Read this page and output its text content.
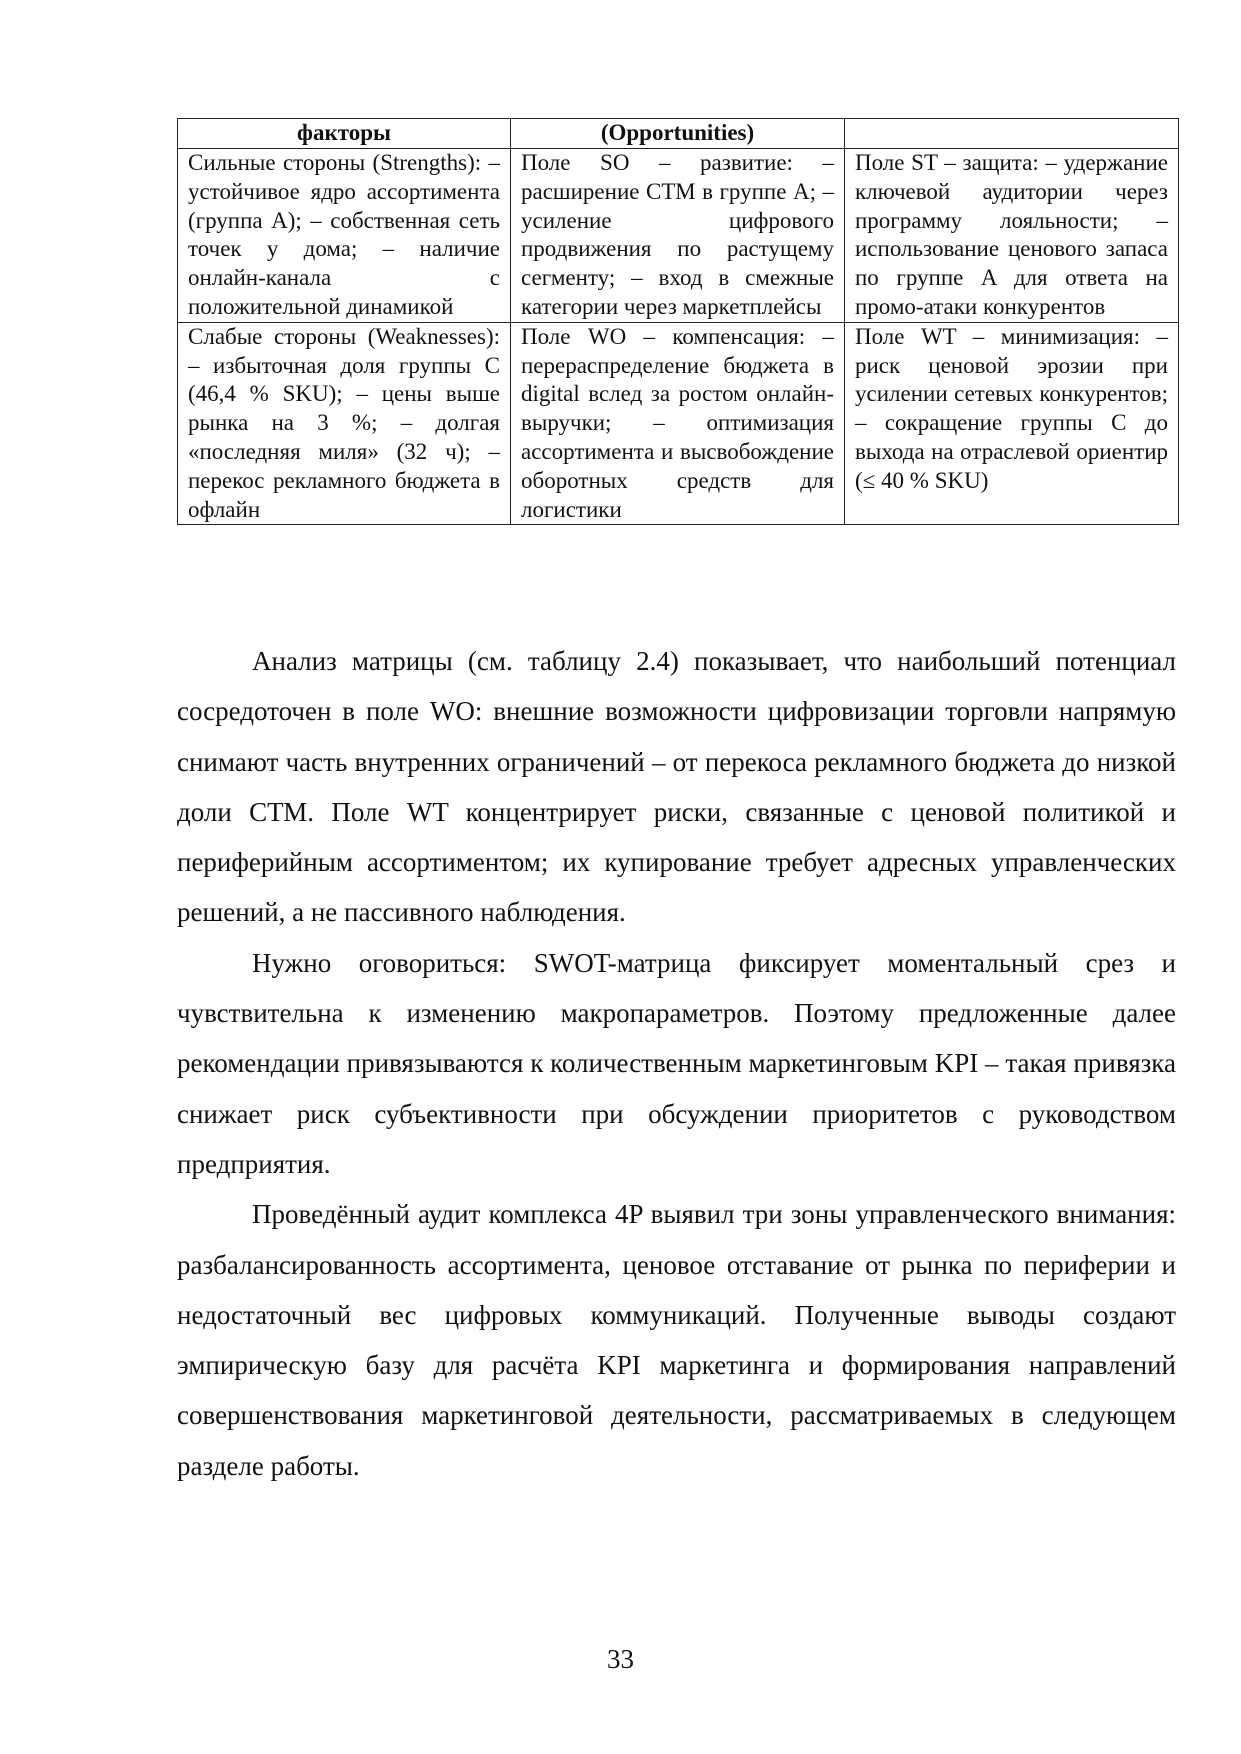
факторы	(Opportunities)	
Сильные стороны (Strengths): – устойчивое ядро ассортимента (группа A); – собственная сеть точек у дома; – наличие онлайн-канала с положительной динамикой	Поле SO – развитие: – расширение СТМ в группе A; – усиление цифрового продвижения по растущему сегменту; – вход в смежные категории через маркетплейсы	Поле ST – защита: – удержание ключевой аудитории через программу лояльности; – использование ценового запаса по группе A для ответа на промо-атаки конкурентов
Слабые стороны (Weaknesses): – избыточная доля группы C (46,4 % SKU); – цены выше рынка на 3 %; – долгая «последняя миля» (32 ч); – перекос рекламного бюджета в офлайн	Поле WO – компенсация: – перераспределение бюджета в digital вслед за ростом онлайн-выручки; – оптимизация ассортимента и высвобождение оборотных средств для логистики	Поле WT – минимизация: – риск ценовой эрозии при усилении сетевых конкурентов; – сокращение группы C до выхода на отраслевой ориентир (≤ 40 % SKU)

Анализ матрицы (см. таблицу 2.4) показывает, что наибольший потенциал сосредоточен в поле WO: внешние возможности цифровизации торговли напрямую снимают часть внутренних ограничений – от перекоса рекламного бюджета до низкой доли СТМ. Поле WT концентрирует риски, связанные с ценовой политикой и периферийным ассортиментом; их купирование требует адресных управленческих решений, а не пассивного наблюдения.

Нужно оговориться: SWOT-матрица фиксирует моментальный срез и чувствительна к изменению макропараметров. Поэтому предложенные далее рекомендации привязываются к количественным маркетинговым KPI – такая привязка снижает риск субъективности при обсуждении приоритетов с руководством предприятия.

Проведённый аудит комплекса 4P выявил три зоны управленческого внимания: разбалансированность ассортимента, ценовое отставание от рынка по периферии и недостаточный вес цифровых коммуникаций. Полученные выводы создают эмпирическую базу для расчёта KPI маркетинга и формирования направлений совершенствования маркетинговой деятельности, рассматриваемых в следующем разделе работы.

33
